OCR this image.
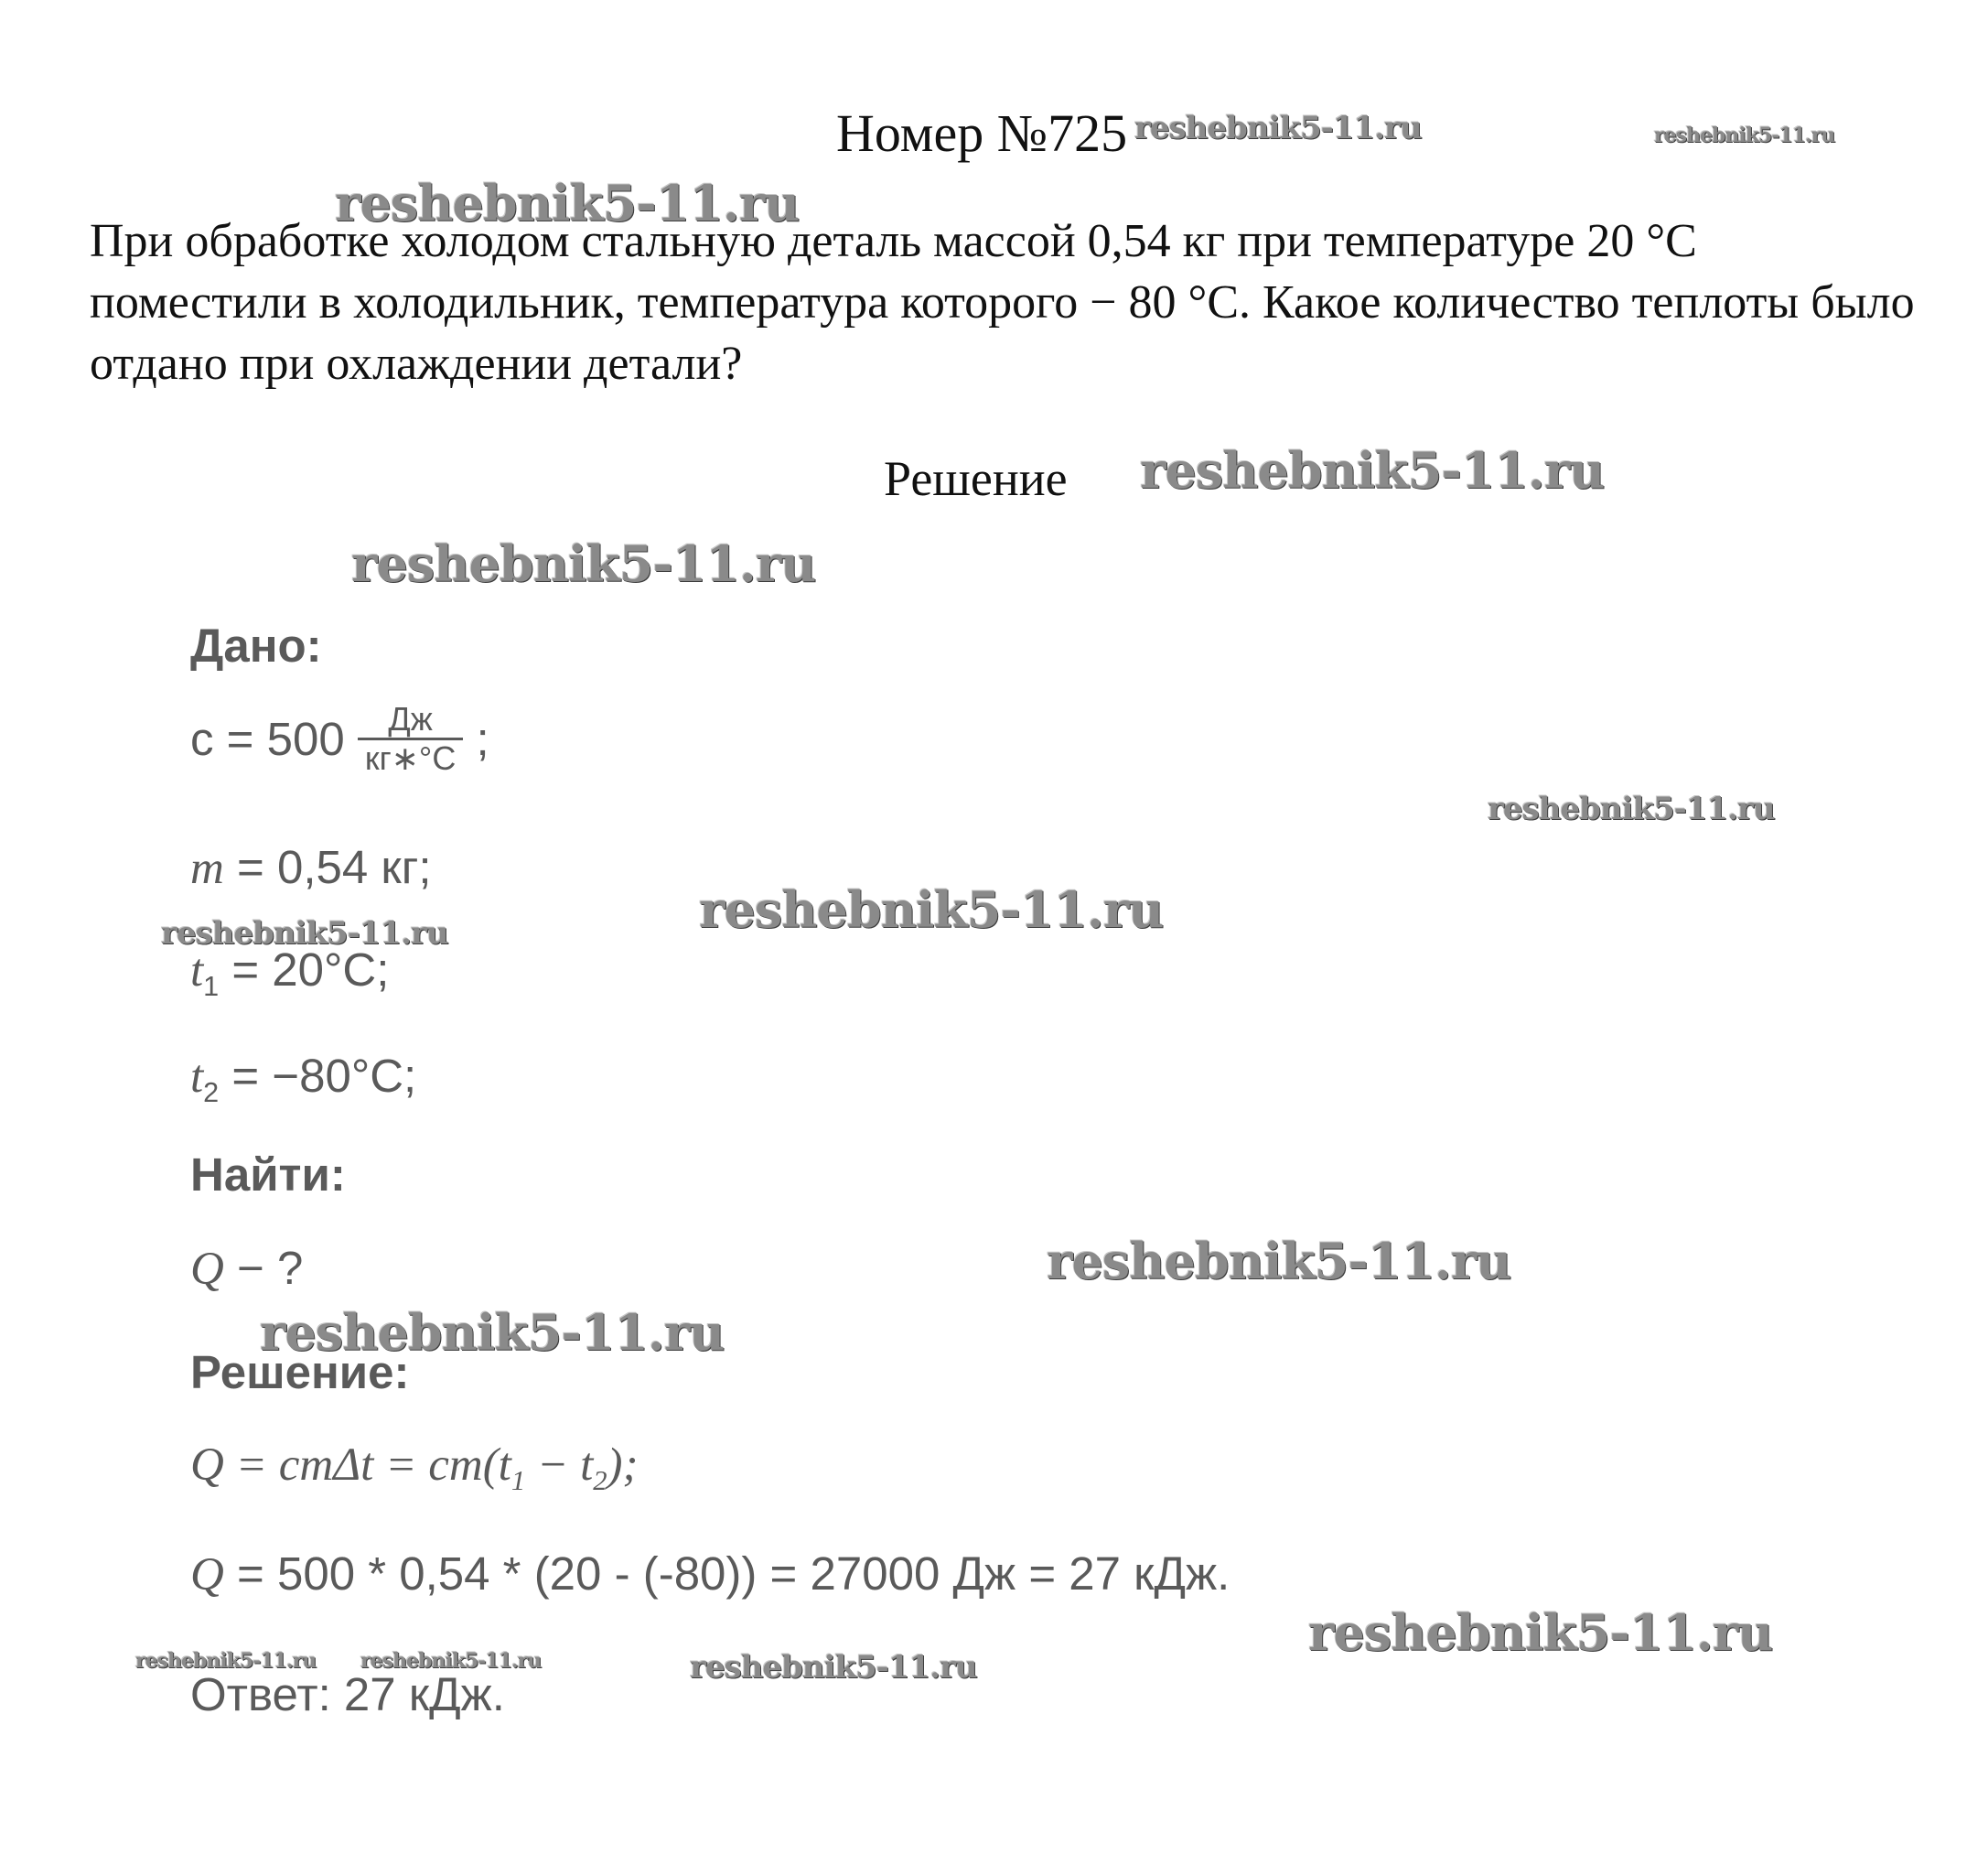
Номер №725
При обработке холодом стальную деталь массой 0,54 кг при температуре 20 °С поместили в холодильник, температура которого − 80 °С. Какое количество теплоты было отдано при охлаждении детали?
Решение
Дано:
$c = 500 \frac{Дж}{кг∗^\circ C}$ ;
m = 0,54 кг;
$t_1 = 20^\circ C$;
$t_2 = -80^\circ C$;
Найти:
Q − ?
Решение:
$Q = cm\Delta t = cm(t_1 - t_2)$;
Q = 500 * 0,54 * (20 - (-80)) = 27000 Дж = 27 кДж.
Ответ: 27 кДж.
reshebnik5-11.ru	reshebnik5-11.ru
reshebnik5-11.ru
reshebnik5-11.ru
reshebnik5-11.ru
reshebnik5-11.ru
reshebnik5-11.ru
reshebnik5-11.ru
reshebnik5-11.ru
reshebnik5-11.ru
reshebnik5-11.ru
reshebnik5-11.ru reshebnik5-11.ru	reshebnik5-11.ru
